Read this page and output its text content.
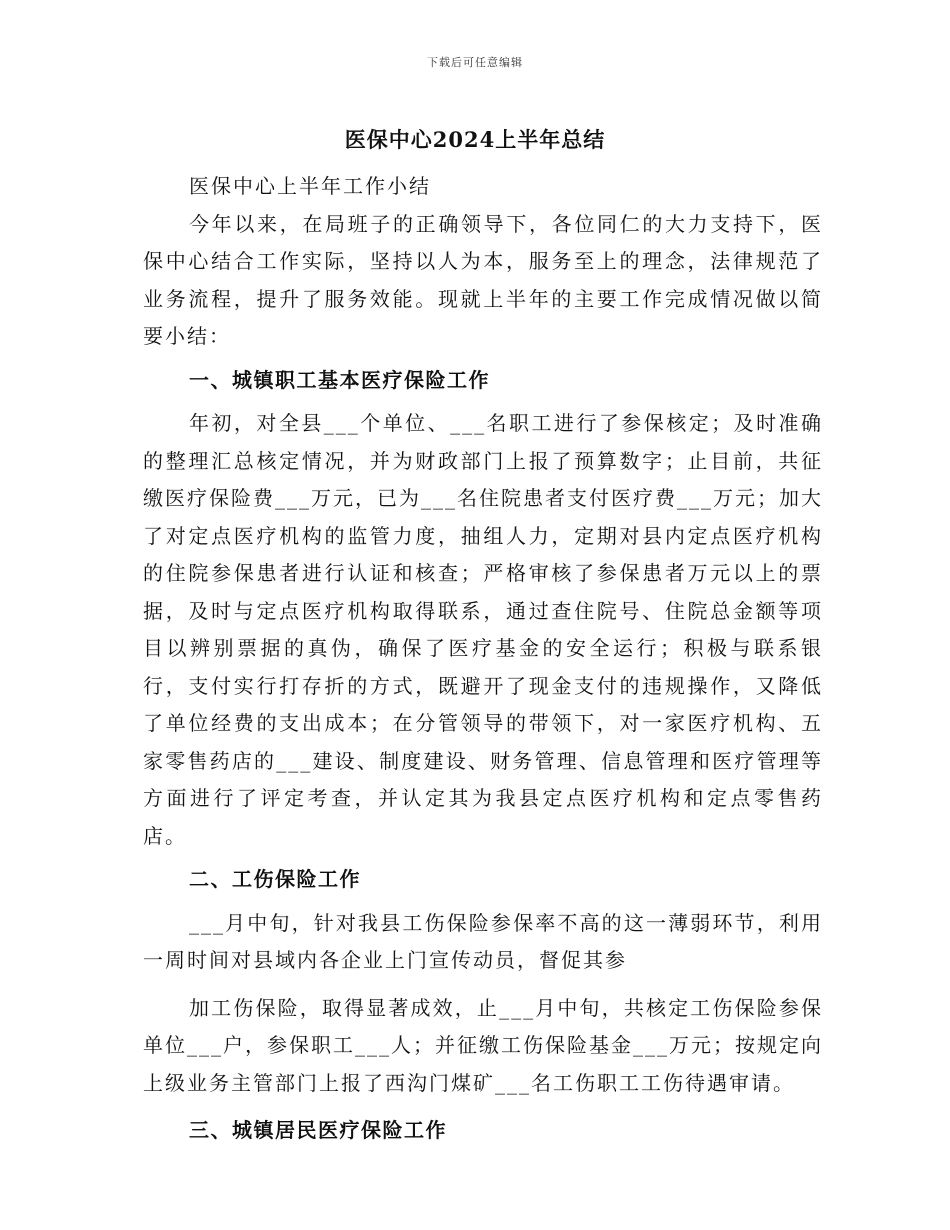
下载后可任意编辑
医保中心2024上半年总结

医保中心上半年工作小结

今年以来，在局班子的正确领导下，各位同仁的大力支持下，医保中心结合工作实际，坚持以人为本，服务至上的理念，法律规范了业务流程，提升了服务效能。现就上半年的主要工作完成情况做以简要小结：

一、城镇职工基本医疗保险工作

年初，对全县___个单位、___名职工进行了参保核定；及时准确的整理汇总核定情况，并为财政部门上报了预算数字；止目前，共征缴医疗保险费___万元，已为___名住院患者支付医疗费___万元；加大了对定点医疗机构的监管力度，抽组人力，定期对县内定点医疗机构的住院参保患者进行认证和核查；严格审核了参保患者万元以上的票据，及时与定点医疗机构取得联系，通过查住院号、住院总金额等项目以辨别票据的真伪，确保了医疗基金的安全运行；积极与联系银行，支付实行打存折的方式，既避开了现金支付的违规操作，又降低了单位经费的支出成本；在分管领导的带领下，对一家医疗机构、五家零售药店的___建设、制度建设、财务管理、信息管理和医疗管理等方面进行了评定考查，并认定其为我县定点医疗机构和定点零售药店。

二、工伤保险工作

___月中旬，针对我县工伤保险参保率不高的这一薄弱环节，利用一周时间对县域内各企业上门宣传动员，督促其参

加工伤保险，取得显著成效，止___月中旬，共核定工伤保险参保单位___户，参保职工___人；并征缴工伤保险基金___万元；按规定向上级业务主管部门上报了西沟门煤矿___名工伤职工工伤待遇审请。

三、城镇居民医疗保险工作
